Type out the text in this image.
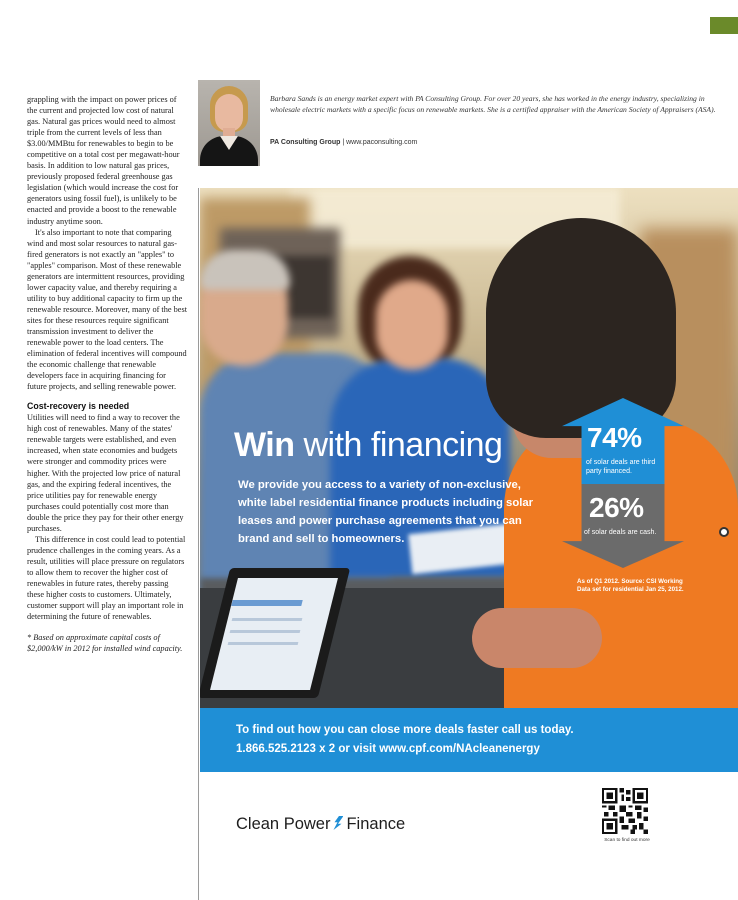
grappling with the impact on power prices of the current and projected low cost of natural gas. Natural gas prices would need to almost triple from the current levels of less than $3.00/MMBtu for renewables to begin to be competitive on a total cost per megawatt-hour basis. In addition to low natural gas prices, previously proposed federal greenhouse gas legislation (which would increase the cost for generators using fossil fuel), is unlikely to be enacted and provide a boost to the renewable industry anytime soon.

It's also important to note that comparing wind and most solar resources to natural gas-fired generators is not exactly an "apples" to "apples" comparison. Most of these renewable generators are intermittent resources, providing lower capacity value, and thereby requiring a utility to buy additional capacity to firm up the renewable resource. Moreover, many of the best sites for these resources require significant transmission investment to deliver the renewable power to the load centers. The elimination of federal incentives will compound the economic challenge that renewable developers face in acquiring financing for future projects, and selling renewable power.

Cost-recovery is needed

Utilities will need to find a way to recover the high cost of renewables. Many of the states' renewable targets were established, and even increased, when state economies and budgets were stronger and commodity prices were higher. With the projected low price of natural gas, and the expiring federal incentives, the price utilities pay for renewable energy purchases could potentially cost more than double the price they pay for their other energy purchases.

This difference in cost could lead to potential prudence challenges in the coming years. As a result, utilities will place pressure on regulators to allow them to recover the higher cost of renewables in future rates, thereby passing these higher costs to customers. Ultimately, customer support will play an important role in determining the future of renewables.

* Based on approximate capital costs of $2,000/kW in 2012 for installed wind capacity.

Barbara Sands is an energy market expert with PA Consulting Group. For over 20 years, she has worked in the energy industry, specializing in wholesale electric markets with a specific focus on renewable markets. She is a certified appraiser with the American Society of Appraisers (ASA).

PA Consulting Group | www.paconsulting.com
Win with financing

We provide you access to a variety of non-exclusive, white label residential finance products including solar leases and power purchase agreements that you can brand and sell to homeowners.

74%
of solar deals are third party financed.
26%
of solar deals are cash.

As of Q1 2012. Source: CSI Working Data set for residential Jan 25, 2012.

To find out how you can close more deals faster call us today.
1.866.525.2123 x 2 or visit www.cpf.com/NAcleanenergy
Clean Power Finance
Scan to find out more
